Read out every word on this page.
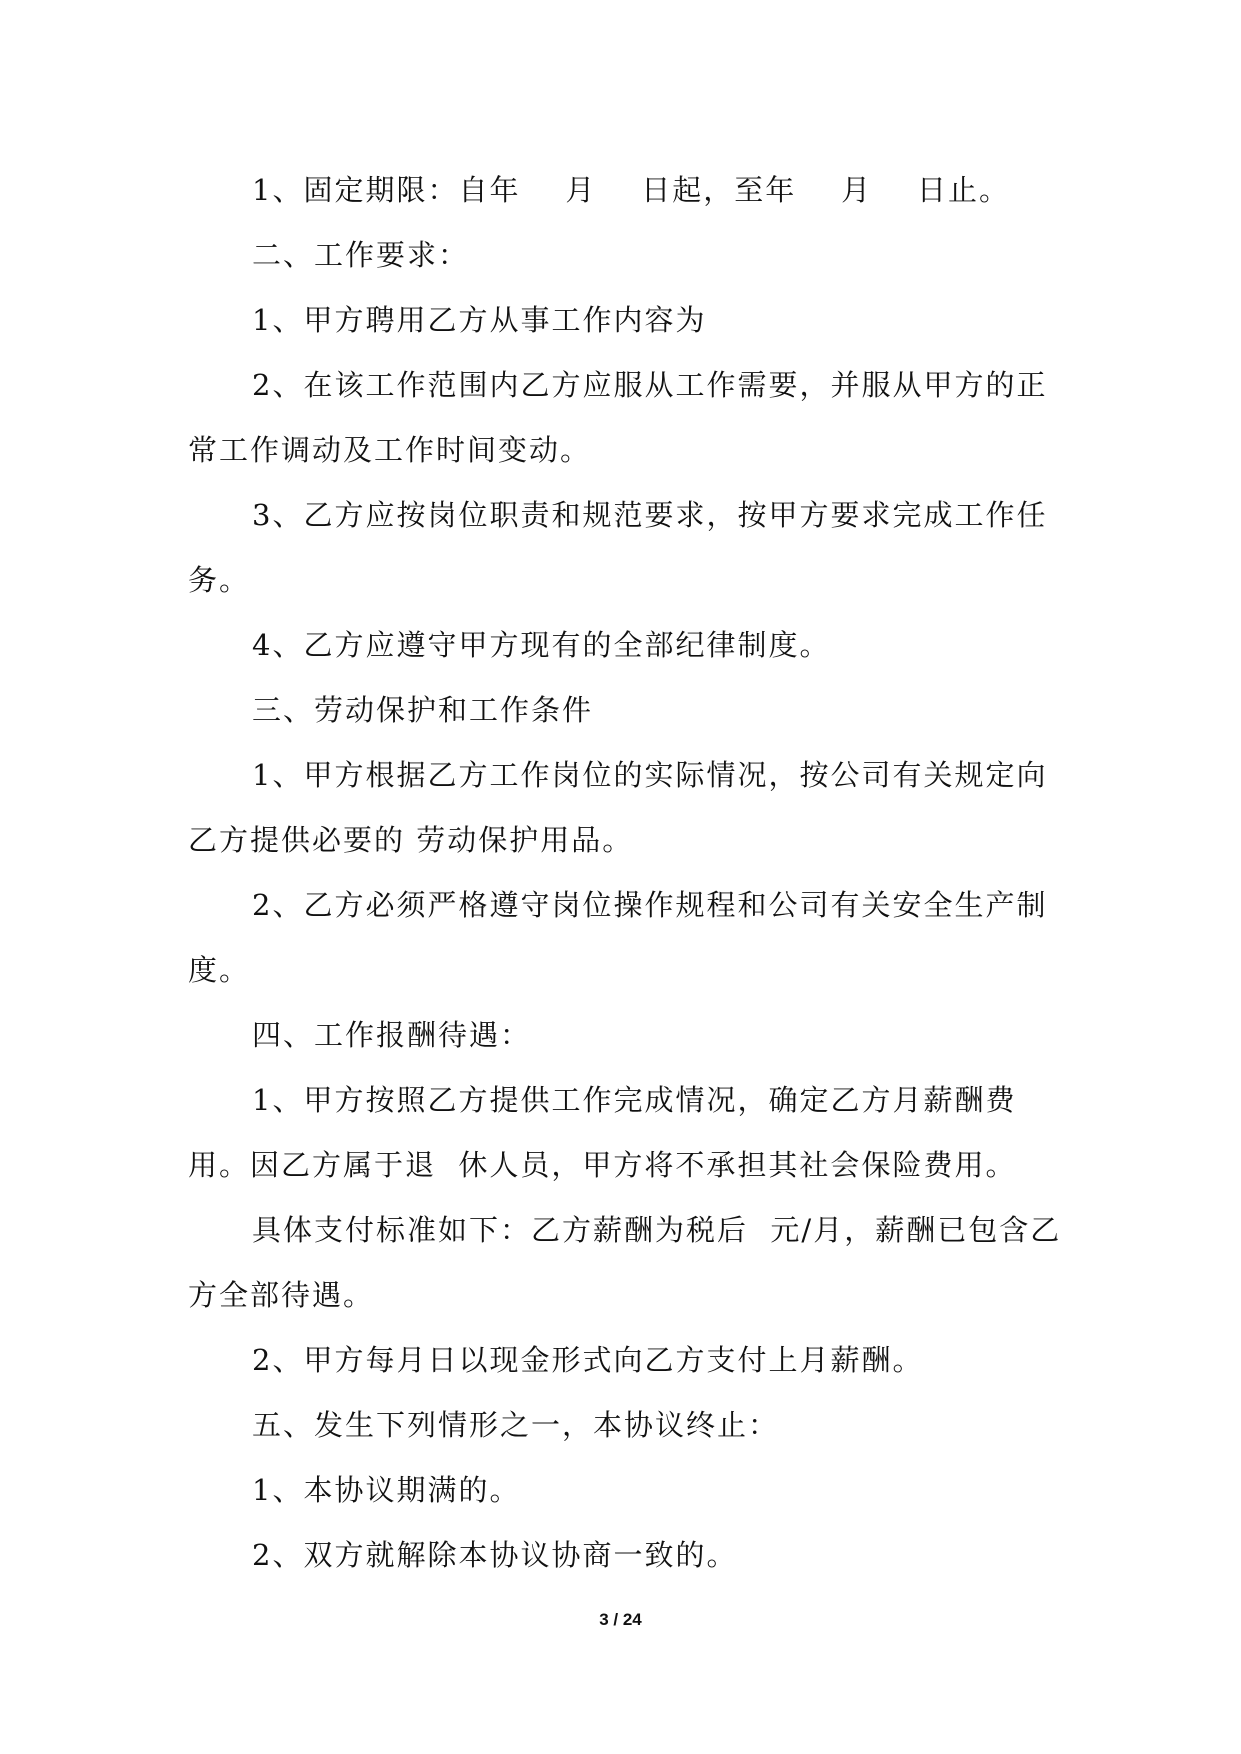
1、固定期限：自年    月    日起，至年    月    日止。

二、工作要求：

1、甲方聘用乙方从事工作内容为

2、在该工作范围内乙方应服从工作需要，并服从甲方的正常工作调动及工作时间变动。

3、乙方应按岗位职责和规范要求，按甲方要求完成工作任务。

4、乙方应遵守甲方现有的全部纪律制度。

三、劳动保护和工作条件

1、甲方根据乙方工作岗位的实际情况，按公司有关规定向乙方提供必要的 劳动保护用品。

2、乙方必须严格遵守岗位操作规程和公司有关安全生产制度。

四、工作报酬待遇：

1、甲方按照乙方提供工作完成情况，确定乙方月薪酬费用。因乙方属于退  休人员，甲方将不承担其社会保险费用。

具体支付标准如下：乙方薪酬为税后  元/月，薪酬已包含乙方全部待遇。

2、甲方每月日以现金形式向乙方支付上月薪酬。

五、发生下列情形之一，本协议终止：

1、本协议期满的。

2、双方就解除本协议协商一致的。

3 / 24
